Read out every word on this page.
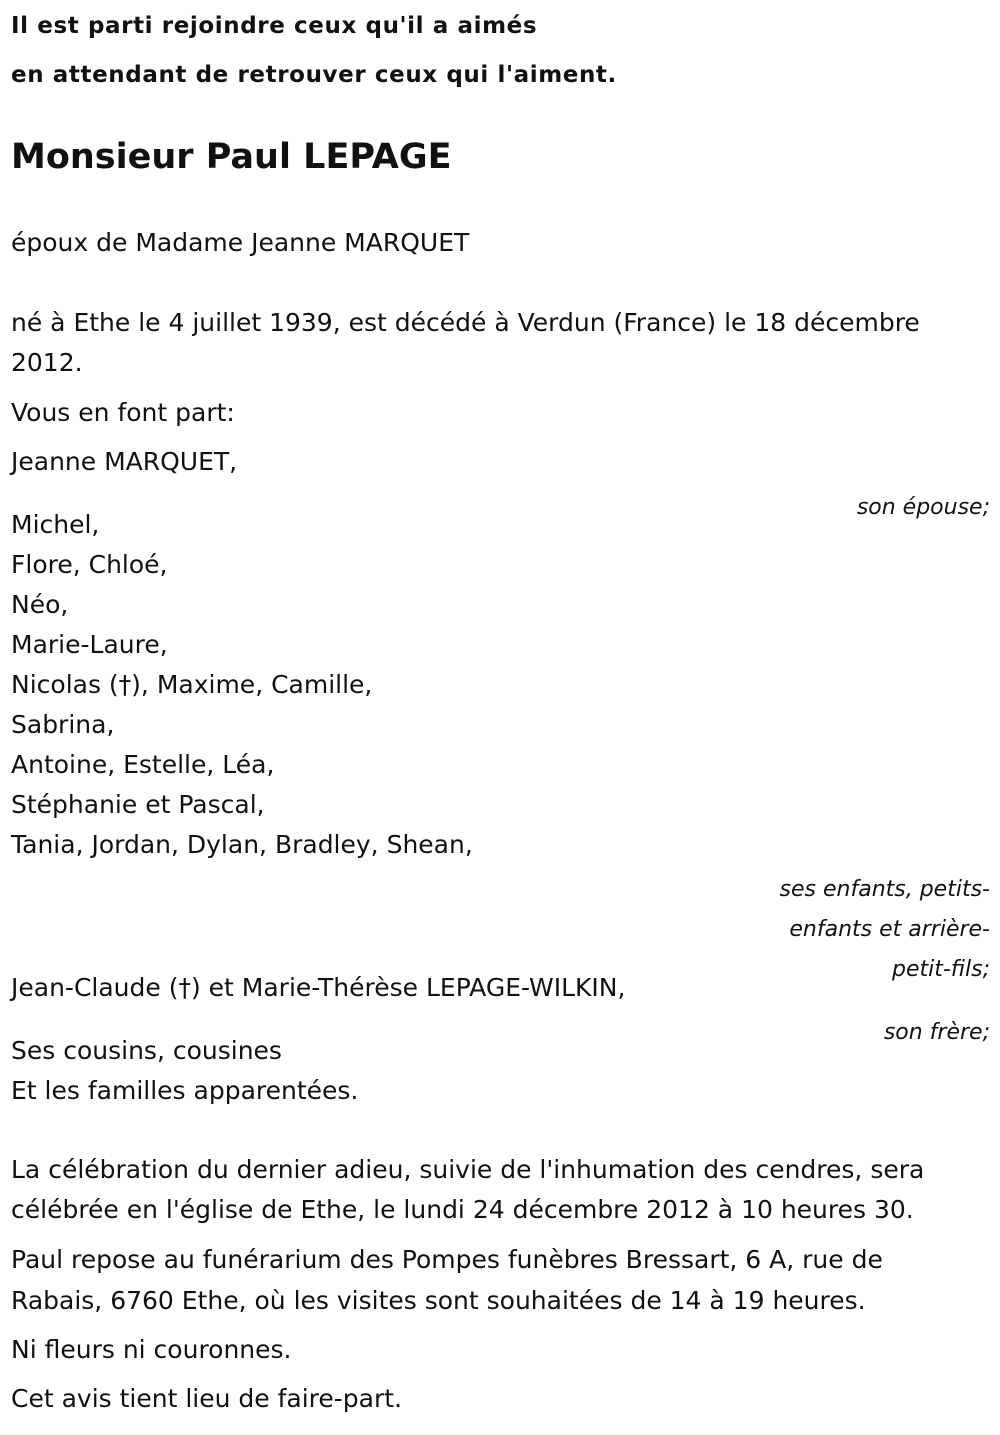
Il est parti rejoindre ceux qu'il a aimés

en attendant de retrouver ceux qui l'aiment.

Monsieur Paul LEPAGE

époux de Madame Jeanne MARQUET

né à Ethe le 4 juillet 1939, est décédé à Verdun (France) le 18 décembre

2012.

Vous en font part:

Jeanne MARQUET,

son épouse;

Michel,

Flore, Chloé,

Néo,

Marie-Laure,

Nicolas (†), Maxime, Camille,

Sabrina,

Antoine, Estelle, Léa,

Stéphanie et Pascal,

Tania, Jordan, Dylan, Bradley, Shean,

ses enfants, petits-

enfants et arrière-

petit-fils;

Jean-Claude (†) et Marie-Thérèse LEPAGE-WILKIN,

son frère;

Ses cousins, cousines

Et les familles apparentées.

La célébration du dernier adieu, suivie de l'inhumation des cendres, sera

célébrée en l'église de Ethe, le lundi 24 décembre 2012 à 10 heures 30.

Paul repose au funérarium des Pompes funèbres Bressart, 6 A, rue de

Rabais, 6760 Ethe, où les visites sont souhaitées de 14 à 19 heures.

Ni fleurs ni couronnes.

Cet avis tient lieu de faire-part.
